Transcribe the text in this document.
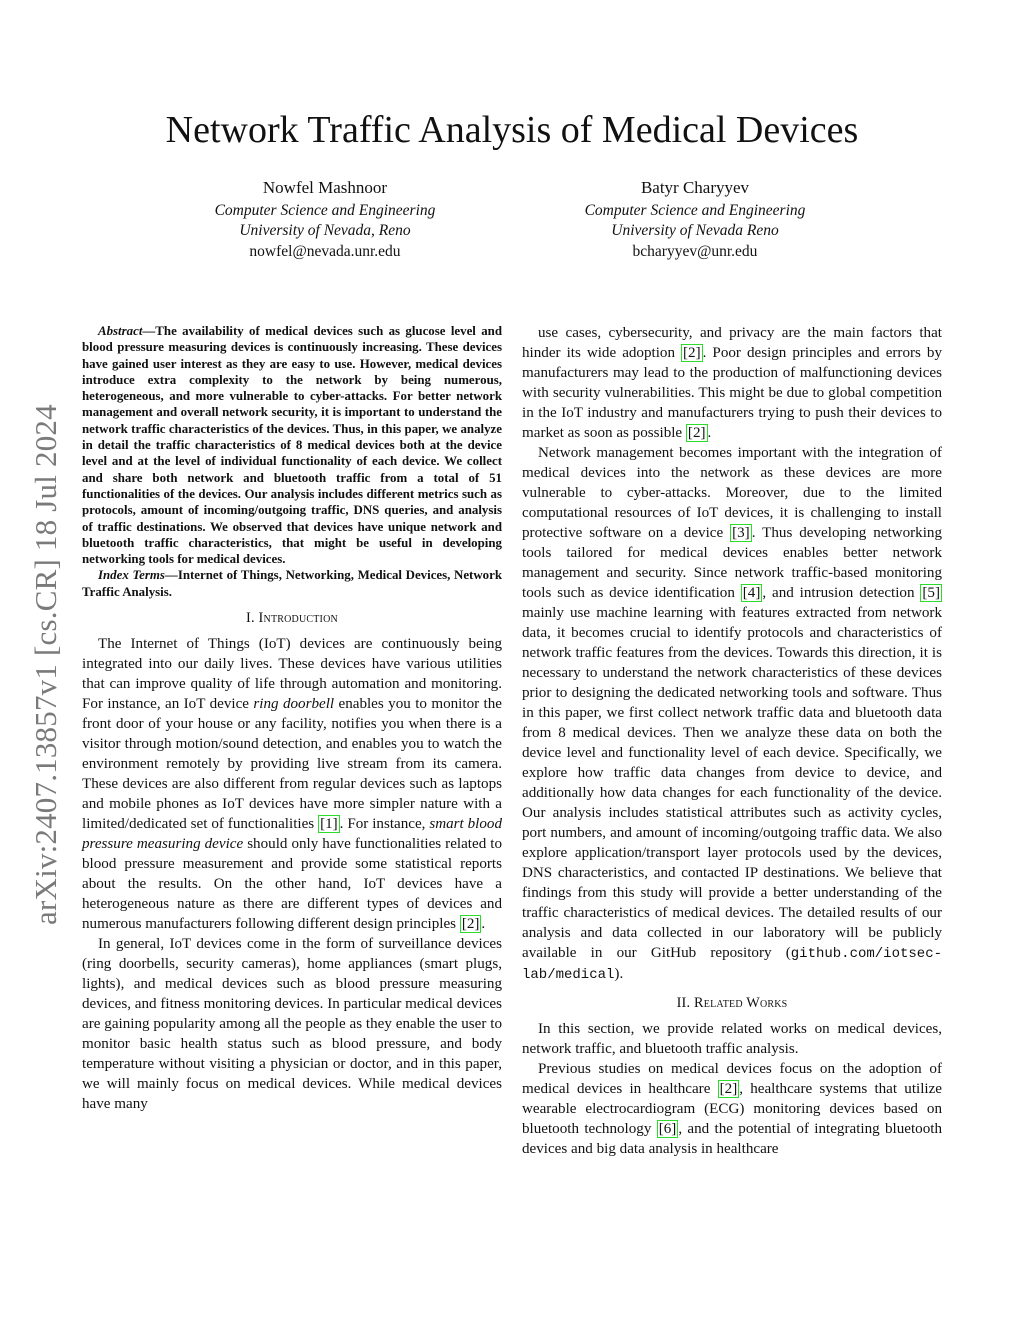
arXiv:2407.13857v1 [cs.CR] 18 Jul 2024
Network Traffic Analysis of Medical Devices
Nowfel Mashnoor
Computer Science and Engineering
University of Nevada, Reno
nowfel@nevada.unr.edu
Batyr Charyyev
Computer Science and Engineering
University of Nevada Reno
bcharyyev@unr.edu

Abstract—The availability of medical devices such as glucose level and blood pressure measuring devices is continuously increasing. These devices have gained user interest as they are easy to use. However, medical devices introduce extra complexity to the network by being numerous, heterogeneous, and more vulnerable to cyber-attacks. For better network management and overall network security, it is important to understand the network traffic characteristics of the devices. Thus, in this paper, we analyze in detail the traffic characteristics of 8 medical devices both at the device level and at the level of individual functionality of each device. We collect and share both network and bluetooth traffic from a total of 51 functionalities of the devices. Our analysis includes different metrics such as protocols, amount of incoming/outgoing traffic, DNS queries, and analysis of traffic destinations. We observed that devices have unique network and bluetooth traffic characteristics, that might be useful in developing networking tools for medical devices.

Index Terms—Internet of Things, Networking, Medical Devices, Network Traffic Analysis.

I. Introduction

The Internet of Things (IoT) devices are continuously being integrated into our daily lives. These devices have various utilities that can improve quality of life through automation and monitoring. For instance, an IoT device ring doorbell enables you to monitor the front door of your house or any facility, notifies you when there is a visitor through motion/sound detection, and enables you to watch the environment remotely by providing live stream from its camera. These devices are also different from regular devices such as laptops and mobile phones as IoT devices have more simpler nature with a limited/dedicated set of functionalities [1] . For instance, smart blood pressure measuring device should only have functionalities related to blood pressure measurement and provide some statistical reports about the results. On the other hand, IoT devices have a heterogeneous nature as there are different types of devices and numerous manufacturers following different design principles [2] .

In general, IoT devices come in the form of surveillance devices (ring doorbells, security cameras), home appliances (smart plugs, lights), and medical devices such as blood pressure measuring devices, and fitness monitoring devices. In particular medical devices are gaining popularity among all the people as they enable the user to monitor basic health status such as blood pressure, and body temperature without visiting a physician or doctor, and in this paper, we will mainly focus on medical devices. While medical devices have many

use cases, cybersecurity, and privacy are the main factors that hinder its wide adoption [2] . Poor design principles and errors by manufacturers may lead to the production of malfunctioning devices with security vulnerabilities. This might be due to global competition in the IoT industry and manufacturers trying to push their devices to market as soon as possible [2] .

Network management becomes important with the integration of medical devices into the network as these devices are more vulnerable to cyber-attacks. Moreover, due to the limited computational resources of IoT devices, it is challenging to install protective software on a device [3] . Thus developing networking tools tailored for medical devices enables better network management and security. Since network traffic-based monitoring tools such as device identification [4] , and intrusion detection [5] mainly use machine learning with features extracted from network data, it becomes crucial to identify protocols and characteristics of network traffic features from the devices. Towards this direction, it is necessary to understand the network characteristics of these devices prior to designing the dedicated networking tools and software. Thus in this paper, we first collect network traffic data and bluetooth data from 8 medical devices. Then we analyze these data on both the device level and functionality level of each device. Specifically, we explore how traffic data changes from device to device, and additionally how data changes for each functionality of the device. Our analysis includes statistical attributes such as activity cycles, port numbers, and amount of incoming/outgoing traffic data. We also explore application/transport layer protocols used by the devices, DNS characteristics, and contacted IP destinations. We believe that findings from this study will provide a better understanding of the traffic characteristics of medical devices. The detailed results of our analysis and data collected in our laboratory will be publicly available in our GitHub repository (github.com/iotsec-lab/medical).

II. Related Works

In this section, we provide related works on medical devices, network traffic, and bluetooth traffic analysis.

Previous studies on medical devices focus on the adoption of medical devices in healthcare [2] , healthcare systems that utilize wearable electrocardiogram (ECG) monitoring devices based on bluetooth technology [6] , and the potential of integrating bluetooth devices and big data analysis in healthcare
